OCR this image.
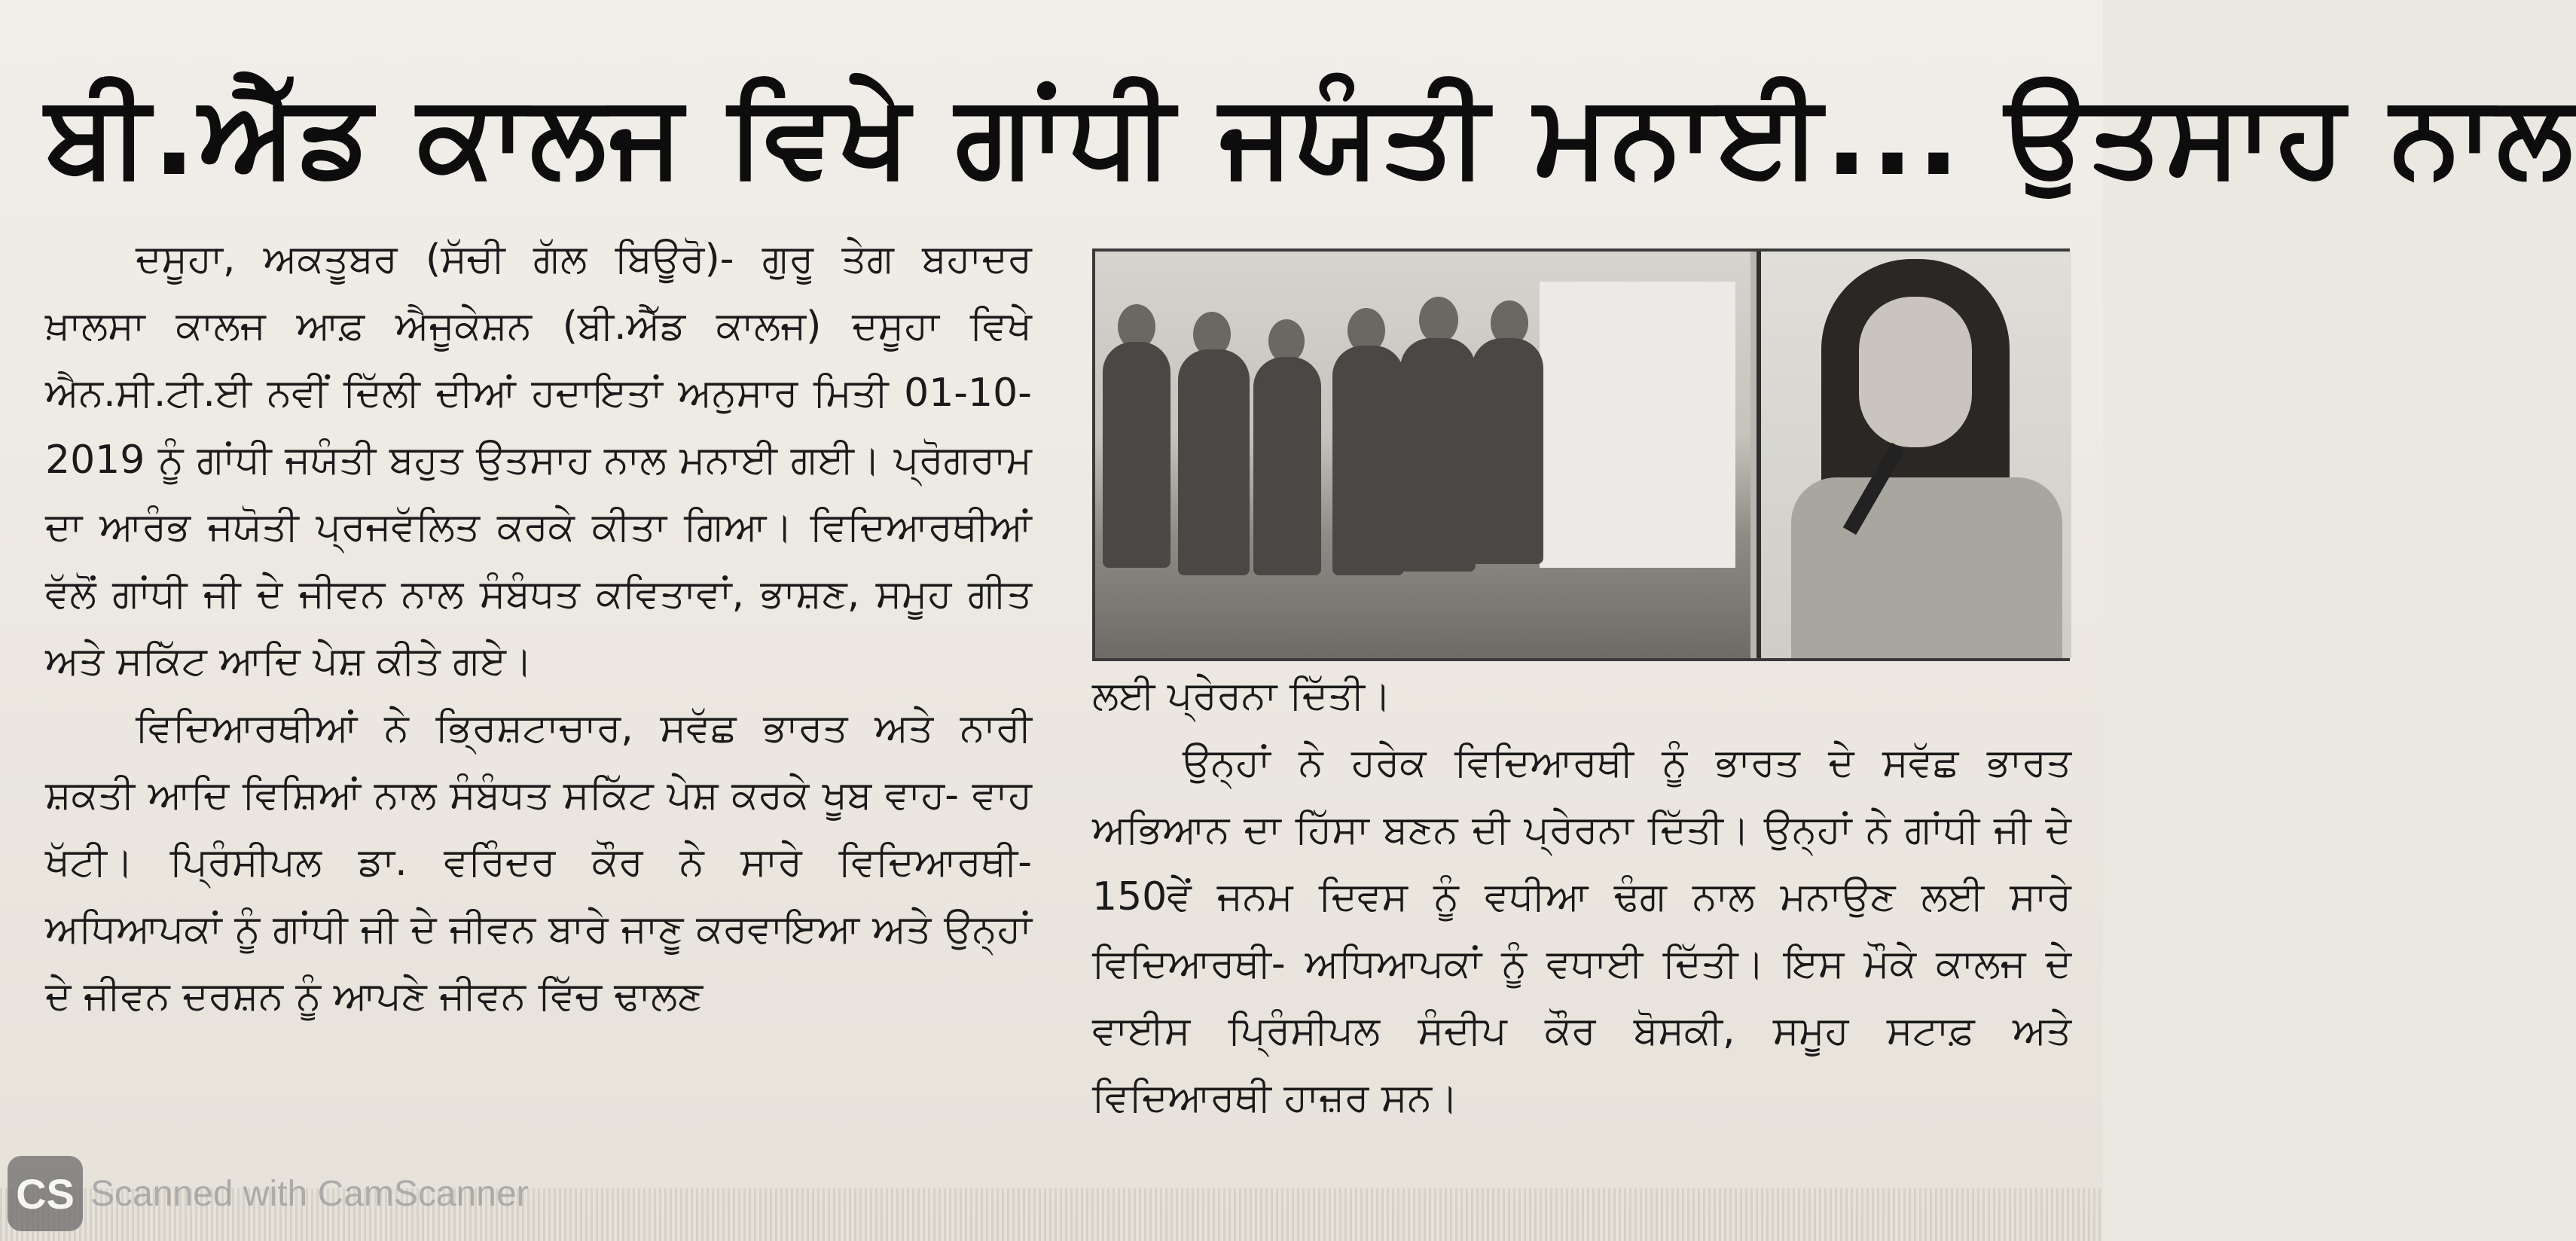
ਬੀ.ਐੱਡ ਕਾਲਜ ਵਿਖੇ ਗਾਂਧੀ ਜਯੰਤੀ ਮਨਾਈ... ਉਤਸਾਹ ਨਾਲ

ਦਸੂਹਾ, ਅਕਤੂਬਰ (ਸੱਚੀ ਗੱਲ ਬਿਊਰੋ)- ਗੁਰੂ ਤੇਗ ਬਹਾਦਰ ਖ਼ਾਲਸਾ ਕਾਲਜ ਆਫ਼ ਐਜੂਕੇਸ਼ਨ (ਬੀ.ਐੱਡ ਕਾਲਜ) ਦਸੂਹਾ ਵਿਖੇ ਐਨ.ਸੀ.ਟੀ.ਈ ਨਵੀਂ ਦਿੱਲੀ ਦੀਆਂ ਹਦਾਇਤਾਂ ਅਨੁਸਾਰ ਮਿਤੀ 01-10-2019 ਨੂੰ ਗਾਂਧੀ ਜਯੰਤੀ ਬਹੁਤ ਉਤਸਾਹ ਨਾਲ ਮਨਾਈ ਗਈ। ਪ੍ਰੋਗਰਾਮ ਦਾ ਆਰੰਭ ਜਯੋਤੀ ਪ੍ਰਜਵੱਲਿਤ ਕਰਕੇ ਕੀਤਾ ਗਿਆ। ਵਿਦਿਆਰਥੀਆਂ ਵੱਲੋਂ ਗਾਂਧੀ ਜੀ ਦੇ ਜੀਵਨ ਨਾਲ ਸੰਬੰਧਤ ਕਵਿਤਾਵਾਂ, ਭਾਸ਼ਣ, ਸਮੂਹ ਗੀਤ ਅਤੇ ਸਕਿੱਟ ਆਦਿ ਪੇਸ਼ ਕੀਤੇ ਗਏ।

ਵਿਦਿਆਰਥੀਆਂ ਨੇ ਭ੍ਰਿਸ਼ਟਾਚਾਰ, ਸਵੱਛ ਭਾਰਤ ਅਤੇ ਨਾਰੀ ਸ਼ਕਤੀ ਆਦਿ ਵਿਸ਼ਿਆਂ ਨਾਲ ਸੰਬੰਧਤ ਸਕਿੱਟ ਪੇਸ਼ ਕਰਕੇ ਖੂਬ ਵਾਹ- ਵਾਹ ਖੱਟੀ। ਪ੍ਰਿੰਸੀਪਲ ਡਾ. ਵਰਿੰਦਰ ਕੌਰ ਨੇ ਸਾਰੇ ਵਿਦਿਆਰਥੀ- ਅਧਿਆਪਕਾਂ ਨੂੰ ਗਾਂਧੀ ਜੀ ਦੇ ਜੀਵਨ ਬਾਰੇ ਜਾਣੂ ਕਰਵਾਇਆ ਅਤੇ ਉਨ੍ਹਾਂ ਦੇ ਜੀਵਨ ਦਰਸ਼ਨ ਨੂੰ ਆਪਣੇ ਜੀਵਨ ਵਿੱਚ ਢਾਲਣ

ਲਈ ਪ੍ਰੇਰਨਾ ਦਿੱਤੀ।

ਉਨ੍ਹਾਂ ਨੇ ਹਰੇਕ ਵਿਦਿਆਰਥੀ ਨੂੰ ਭਾਰਤ ਦੇ ਸਵੱਛ ਭਾਰਤ ਅਭਿਆਨ ਦਾ ਹਿੱਸਾ ਬਣਨ ਦੀ ਪ੍ਰੇਰਨਾ ਦਿੱਤੀ। ਉਨ੍ਹਾਂ ਨੇ ਗਾਂਧੀ ਜੀ ਦੇ 150ਵੇਂ ਜਨਮ ਦਿਵਸ ਨੂੰ ਵਧੀਆ ਢੰਗ ਨਾਲ ਮਨਾਉਣ ਲਈ ਸਾਰੇ ਵਿਦਿਆਰਥੀ- ਅਧਿਆਪਕਾਂ ਨੂੰ ਵਧਾਈ ਦਿੱਤੀ। ਇਸ ਮੌਕੇ ਕਾਲਜ ਦੇ ਵਾਈਸ ਪ੍ਰਿੰਸੀਪਲ ਸੰਦੀਪ ਕੌਰ ਬੋਸਕੀ, ਸਮੂਹ ਸਟਾਫ਼ ਅਤੇ ਵਿਦਿਆਰਥੀ ਹਾਜ਼ਰ ਸਨ।

CS Scanned with CamScanner
